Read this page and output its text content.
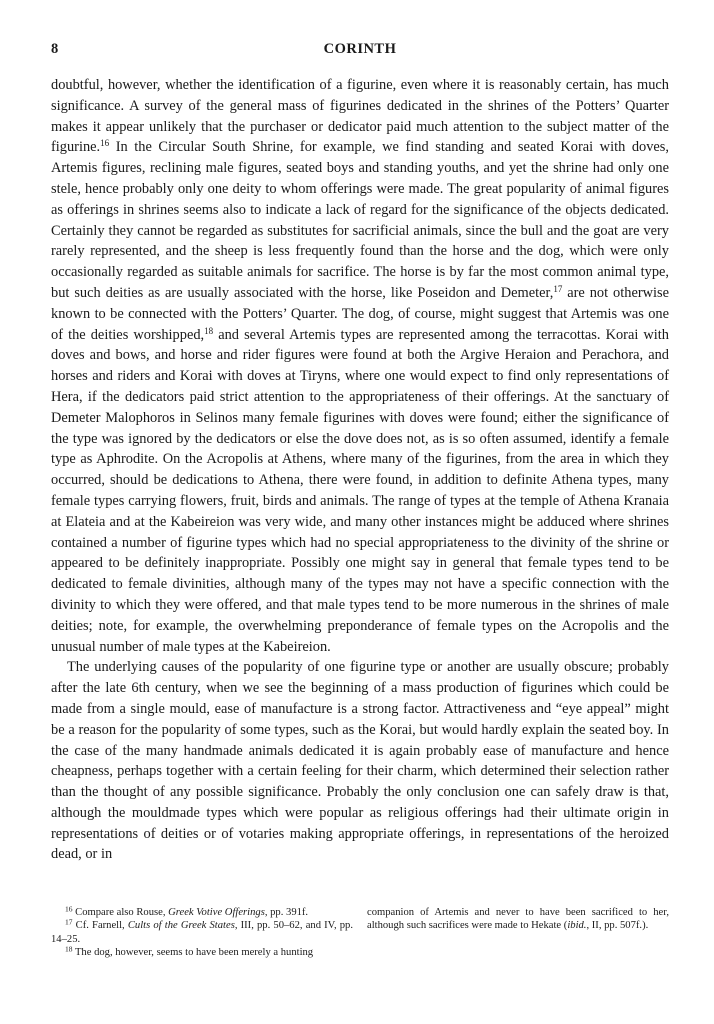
8	CORINTH

doubtful, however, whether the identification of a figurine, even where it is reasonably certain, has much significance. A survey of the general mass of figurines dedicated in the shrines of the Potters’ Quarter makes it appear unlikely that the purchaser or dedicator paid much attention to the subject matter of the figurine.$^{16}$ In the Circular South Shrine, for example, we find standing and seated Korai with doves, Artemis figures, reclining male figures, seated boys and standing youths, and yet the shrine had only one stele, hence probably only one deity to whom offerings were made. The great popularity of animal figures as offerings in shrines seems also to indicate a lack of regard for the significance of the objects dedicated. Certainly they cannot be regarded as substitutes for sacrificial animals, since the bull and the goat are very rarely represented, and the sheep is less frequently found than the horse and the dog, which were only occasionally regarded as suitable animals for sacrifice. The horse is by far the most common animal type, but such deities as are usually associated with the horse, like Poseidon and Demeter,$^{17}$ are not otherwise known to be connected with the Potters’ Quarter. The dog, of course, might suggest that Artemis was one of the deities worshipped,$^{18}$ and several Artemis types are represented among the terracottas. Korai with doves and bows, and horse and rider figures were found at both the Argive Heraion and Perachora, and horses and riders and Korai with doves at Tiryns, where one would expect to find only representations of Hera, if the dedicators paid strict attention to the appropriateness of their offerings. At the sanctuary of Demeter Malophoros in Selinos many female figurines with doves were found; either the significance of the type was ignored by the dedicators or else the dove does not, as is so often assumed, identify a female type as Aphrodite. On the Acropolis at Athens, where many of the figurines, from the area in which they occurred, should be dedications to Athena, there were found, in addition to definite Athena types, many female types carrying flowers, fruit, birds and animals. The range of types at the temple of Athena Kranaia at Elateia and at the Kabeireion was very wide, and many other instances might be adduced where shrines contained a number of figurine types which had no special appropriateness to the divinity of the shrine or appeared to be definitely inappropriate. Possibly one might say in general that female types tend to be dedicated to female divinities, although many of the types may not have a specific connection with the divinity to which they were offered, and that male types tend to be more numerous in the shrines of male deities; note, for example, the overwhelming preponderance of female types on the Acropolis and the unusual number of male types at the Kabeireion.

The underlying causes of the popularity of one figurine type or another are usually obscure; probably after the late 6th century, when we see the beginning of a mass production of figurines which could be made from a single mould, ease of manufacture is a strong factor. Attractiveness and “eye appeal” might be a reason for the popularity of some types, such as the Korai, but would hardly explain the seated boy. In the case of the many handmade animals dedicated it is again probably ease of manufacture and hence cheapness, perhaps together with a certain feeling for their charm, which determined their selection rather than the thought of any possible significance. Probably the only conclusion one can safely draw is that, although the mouldmade types which were popular as religious offerings had their ultimate origin in representations of deities or of votaries making appropriate offerings, in representations of the heroized dead, or in

$^{16}$ Compare also Rouse, Greek Votive Offerings, pp. 391f.

$^{17}$ Cf. Farnell, Cults of the Greek States, III, pp. 50–62, and IV, pp. 14–25.

$^{18}$ The dog, however, seems to have been merely a hunting

companion of Artemis and never to have been sacrificed to her, although such sacrifices were made to Hekate (ibid., II, pp. 507f.).
